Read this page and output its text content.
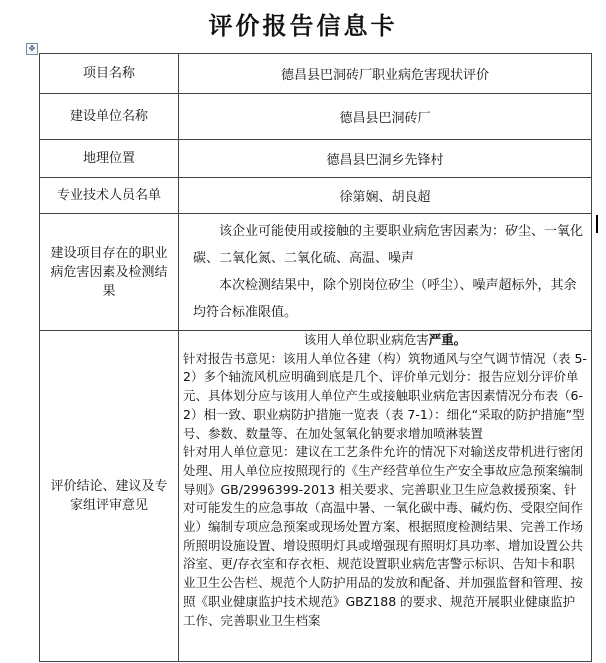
评价报告信息卡
✥
项目名称	德昌县巴洞砖厂职业病危害现状评价
建设单位名称	德昌县巴洞砖厂
地理位置	德昌县巴洞乡先锋村
专业技术人员名单	徐第娴、胡良超
建设项目存在的职业病危害因素及检测结果	该企业可能使用或接触的主要职业病危害因素为：矽尘、一氧化碳、二氧化氮、二氧化硫、高温、噪声

本次检测结果中，除个别岗位矽尘（呼尘）、噪声超标外，其余均符合标准限值。

评价结论、建议及专家组评审意见	该用人单位职业病危害严重。

针对报告书意见：该用人单位各建（构）筑物通风与空气调节情况（表 5-2）多个轴流风机应明确到底是几个、评价单元划分：报告应划分评价单元、具体划分应与该用人单位产生或接触职业病危害因素情况分布表（6-2）相一致、职业病防护措施一览表（表 7-1）：细化“采取的防护措施”型号、参数、数量等、在加处氢氧化钠要求增加喷淋装置

针对用人单位意见：建议在工艺条件允许的情况下对输送皮带机进行密闭处理、用人单位应按照现行的《生产经营单位生产安全事故应急预案编制导则》GB/2996399-2013 相关要求、完善职业卫生应急救援预案、针对可能发生的应急事故（高温中暑、一氧化碳中毒、碱灼伤、受限空间作业）编制专项应急预案或现场处置方案、根据照度检测结果、完善工作场所照明设施设置、增设照明灯具或增强现有照明灯具功率、增加设置公共浴室、更/存衣室和存衣柜、规范设置职业病危害警示标识、告知卡和职业卫生公告栏、规范个人防护用品的发放和配备、并加强监督和管理、按照《职业健康监护技术规范》GBZ188 的要求、规范开展职业健康监护工作、完善职业卫生档案
